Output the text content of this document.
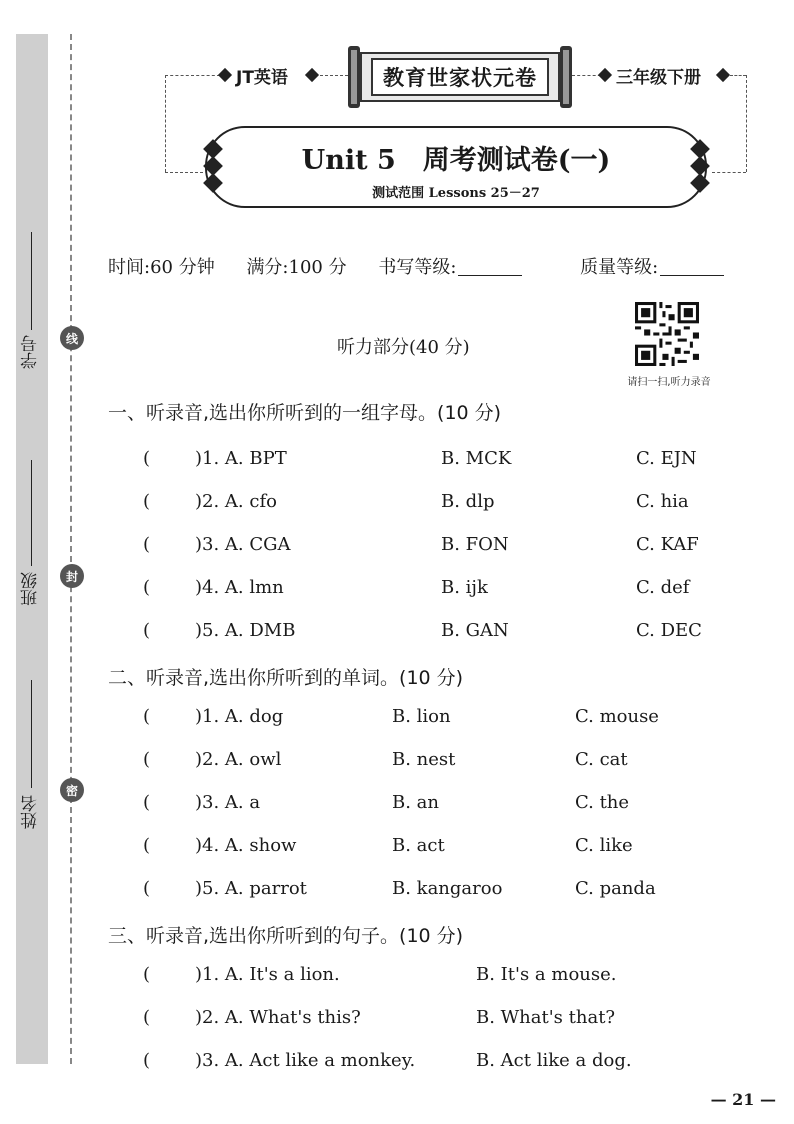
学号
班级
姓名
线
封
密
JT英语	教育世家状元卷	三年级下册
Unit 5　周考测试卷(一)
测试范围 Lessons 25－27
时间:60 分钟 满分:100 分 书写等级:	质量等级:
请扫一扫,听力录音
听力部分(40 分)
一、听录音,选出你所听到的一组字母。(10 分)
( )1. A. BPT	B. MCK	C. EJN
( )2. A. cfo	B. dlp	C. hia
( )3. A. CGA	B. FON	C. KAF
( )4. A. lmn	B. ijk	C. def
( )5. A. DMB	B. GAN	C. DEC
二、听录音,选出你所听到的单词。(10 分)
( )1. A. dog	B. lion	C. mouse
( )2. A. owl	B. nest	C. cat
( )3. A. a	B. an	C. the
( )4. A. show	B. act	C. like
( )5. A. parrot	B. kangaroo	C. panda
三、听录音,选出你所听到的句子。(10 分)
( )1. A. It's a lion.	B. It's a mouse.
( )2. A. What's this?	B. What's that?
( )3. A. Act like a monkey.	B. Act like a dog.
— 21 —
